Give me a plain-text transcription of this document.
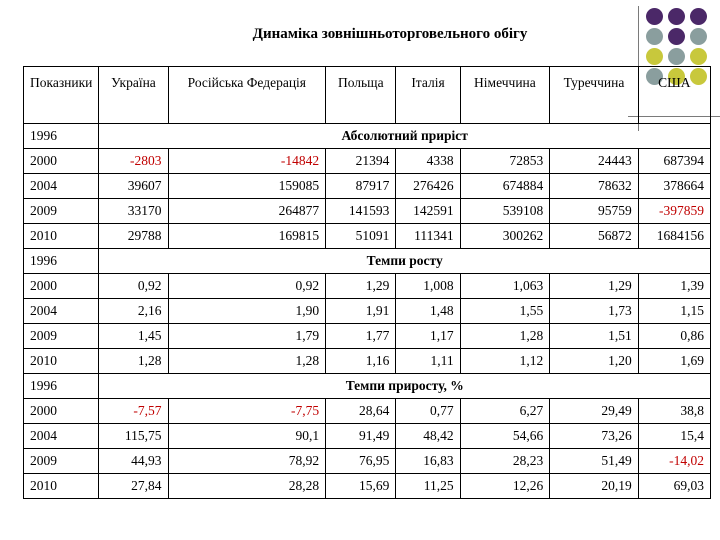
Динаміка зовнішньоторговельного обігу
Показники	Україна	Російська Федерація	Польща	Італія	Німеччина	Туреччина	США
1996	Абсолютний приріст						
2000	-2803	-14842	21394	4338	72853	24443	687394
2004	39607	159085	87917	276426	674884	78632	378664
2009	33170	264877	141593	142591	539108	95759	-397859
2010	29788	169815	51091	111341	300262	56872	1684156
1996	Темпи росту						
2000	0,92	0,92	1,29	1,008	1,063	1,29	1,39
2004	2,16	1,90	1,91	1,48	1,55	1,73	1,15
2009	1,45	1,79	1,77	1,17	1,28	1,51	0,86
2010	1,28	1,28	1,16	1,11	1,12	1,20	1,69
1996	Темпи приросту, %						
2000	-7,57	-7,75	28,64	0,77	6,27	29,49	38,8
2004	115,75	90,1	91,49	48,42	54,66	73,26	15,4
2009	44,93	78,92	76,95	16,83	28,23	51,49	-14,02
2010	27,84	28,28	15,69	11,25	12,26	20,19	69,03
